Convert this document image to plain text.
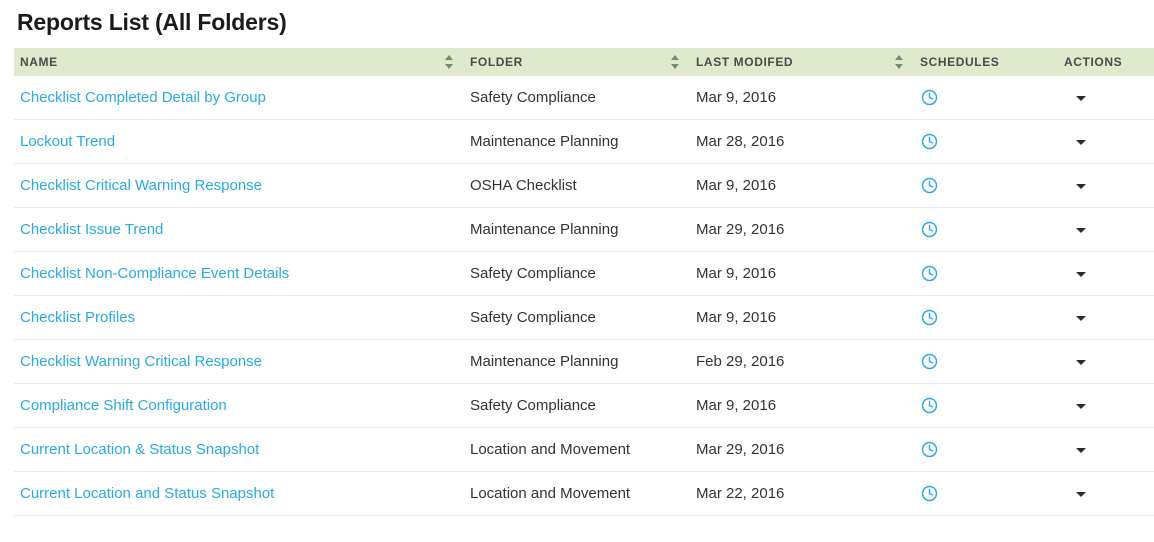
Reports List (All Folders)
NAME	FOLDER	LAST MODIFED	SCHEDULES	ACTIONS
Checklist Completed Detail by Group	Safety Compliance	Mar 9, 2016		
Lockout Trend	Maintenance Planning	Mar 28, 2016		
Checklist Critical Warning Response	OSHA Checklist	Mar 9, 2016		
Checklist Issue Trend	Maintenance Planning	Mar 29, 2016		
Checklist Non-Compliance Event Details	Safety Compliance	Mar 9, 2016		
Checklist Profiles	Safety Compliance	Mar 9, 2016		
Checklist Warning Critical Response	Maintenance Planning	Feb 29, 2016		
Compliance Shift Configuration	Safety Compliance	Mar 9, 2016		
Current Location & Status Snapshot	Location and Movement	Mar 29, 2016		
Current Location and Status Snapshot	Location and Movement	Mar 22, 2016		
